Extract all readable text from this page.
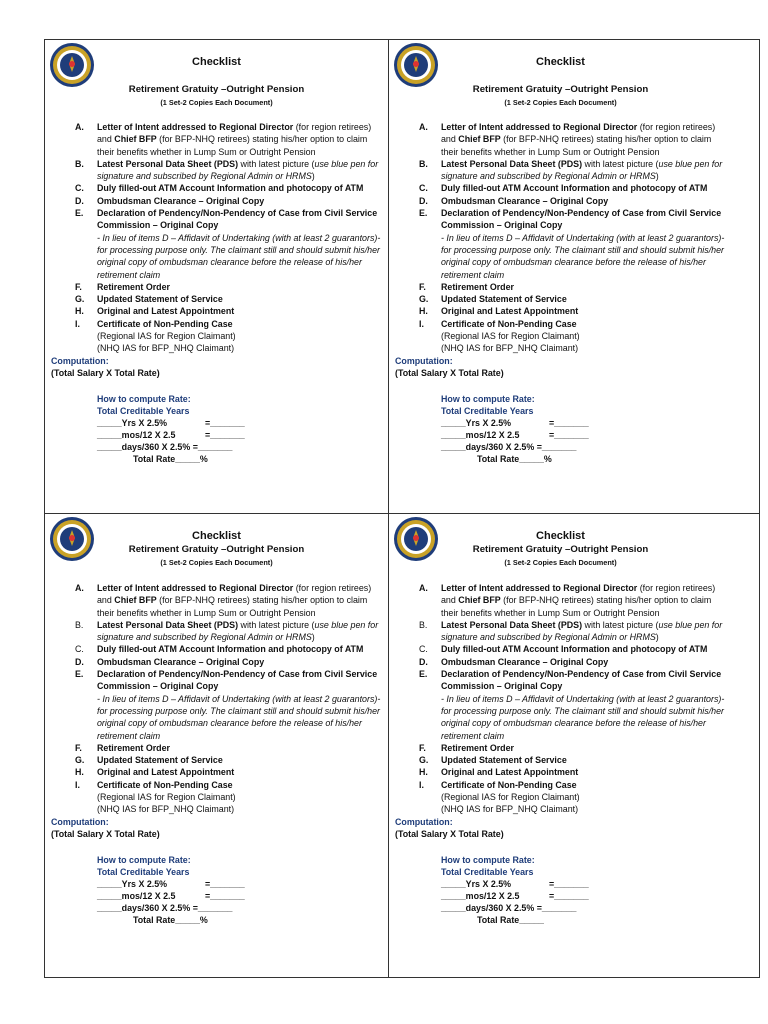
Checklist
Retirement Gratuity –Outright Pension
(1 Set-2 Copies Each Document)
A. Letter of Intent addressed to Regional Director (for region retirees) and Chief BFP (for BFP-NHQ retirees) stating his/her option to claim their benefits whether in Lump Sum or Outright Pension
B. Latest Personal Data Sheet (PDS) with latest picture (use blue pen for signature and subscribed by Regional Admin or HRMS)
C. Duly filled-out ATM Account Information and photocopy of ATM
D. Ombudsman Clearance – Original Copy
E. Declaration of Pendency/Non-Pendency of Case from Civil Service Commission – Original Copy
- In lieu of items D – Affidavit of Undertaking (with at least 2 guarantors)-for processing purpose only. The claimant still and should submit his/her original copy of ombudsman clearance before the release of his/her retirement claim
F. Retirement Order
G. Updated Statement of Service
H. Original and Latest Appointment
I. Certificate of Non-Pending Case
(Regional IAS for Region Claimant)
(NHQ IAS for BFP_NHQ Claimant)
Computation:
(Total Salary X Total Rate)
How to compute Rate:
Total Creditable Years
_____Yrs X 2.5%	=_______
_____mos/12 X 2.5	=_______
_____days/360 X 2.5% =_______
Total Rate_____%
Checklist
Retirement Gratuity –Outright Pension
(1 Set-2 Copies Each Document)
A. Letter of Intent addressed to Regional Director (for region retirees) and Chief BFP (for BFP-NHQ retirees) stating his/her option to claim their benefits whether in Lump Sum or Outright Pension
B. Latest Personal Data Sheet (PDS) with latest picture (use blue pen for signature and subscribed by Regional Admin or HRMS)
C. Duly filled-out ATM Account Information and photocopy of ATM
D. Ombudsman Clearance – Original Copy
E. Declaration of Pendency/Non-Pendency of Case from Civil Service Commission – Original Copy
- In lieu of items D – Affidavit of Undertaking (with at least 2 guarantors)-for processing purpose only. The claimant still and should submit his/her original copy of ombudsman clearance before the release of his/her retirement claim
F. Retirement Order
G. Updated Statement of Service
H. Original and Latest Appointment
I. Certificate of Non-Pending Case
(Regional IAS for Region Claimant)
(NHQ IAS for BFP_NHQ Claimant)
Computation:
(Total Salary X Total Rate)
How to compute Rate:
Total Creditable Years
_____Yrs X 2.5%	=_______
_____mos/12 X 2.5	=_______
_____days/360 X 2.5% =_______
Total Rate_____%
Checklist
Retirement Gratuity –Outright Pension
(1 Set-2 Copies Each Document)
A. Letter of Intent addressed to Regional Director (for region retirees) and Chief BFP (for BFP-NHQ retirees) stating his/her option to claim their benefits whether in Lump Sum or Outright Pension
B. Latest Personal Data Sheet (PDS) with latest picture (use blue pen for signature and subscribed by Regional Admin or HRMS)
C. Duly filled-out ATM Account Information and photocopy of ATM
D. Ombudsman Clearance – Original Copy
E. Declaration of Pendency/Non-Pendency of Case from Civil Service Commission – Original Copy
- In lieu of items D – Affidavit of Undertaking (with at least 2 guarantors)-for processing purpose only. The claimant still and should submit his/her original copy of ombudsman clearance before the release of his/her retirement claim
F. Retirement Order
G. Updated Statement of Service
H. Original and Latest Appointment
I. Certificate of Non-Pending Case
(Regional IAS for Region Claimant)
(NHQ IAS for BFP_NHQ Claimant)
Computation:
(Total Salary X Total Rate)
How to compute Rate:
Total Creditable Years
_____Yrs X 2.5%	=_______
_____mos/12 X 2.5	=_______
_____days/360 X 2.5% =_______
Total Rate_____%
Checklist
Retirement Gratuity –Outright Pension
(1 Set-2 Copies Each Document)
A. Letter of Intent addressed to Regional Director (for region retirees) and Chief BFP (for BFP-NHQ retirees) stating his/her option to claim their benefits whether in Lump Sum or Outright Pension
B. Latest Personal Data Sheet (PDS) with latest picture (use blue pen for signature and subscribed by Regional Admin or HRMS)
C. Duly filled-out ATM Account Information and photocopy of ATM
D. Ombudsman Clearance – Original Copy
E. Declaration of Pendency/Non-Pendency of Case from Civil Service Commission – Original Copy
- In lieu of items D – Affidavit of Undertaking (with at least 2 guarantors)-for processing purpose only. The claimant still and should submit his/her original copy of ombudsman clearance before the release of his/her retirement claim
F. Retirement Order
G. Updated Statement of Service
H. Original and Latest Appointment
I. Certificate of Non-Pending Case
(Regional IAS for Region Claimant)
(NHQ IAS for BFP_NHQ Claimant)
Computation:
(Total Salary X Total Rate)
How to compute Rate:
Total Creditable Years
_____Yrs X 2.5%	=_______
_____mos/12 X 2.5	=_______
_____days/360 X 2.5% =_______
Total Rate_____
